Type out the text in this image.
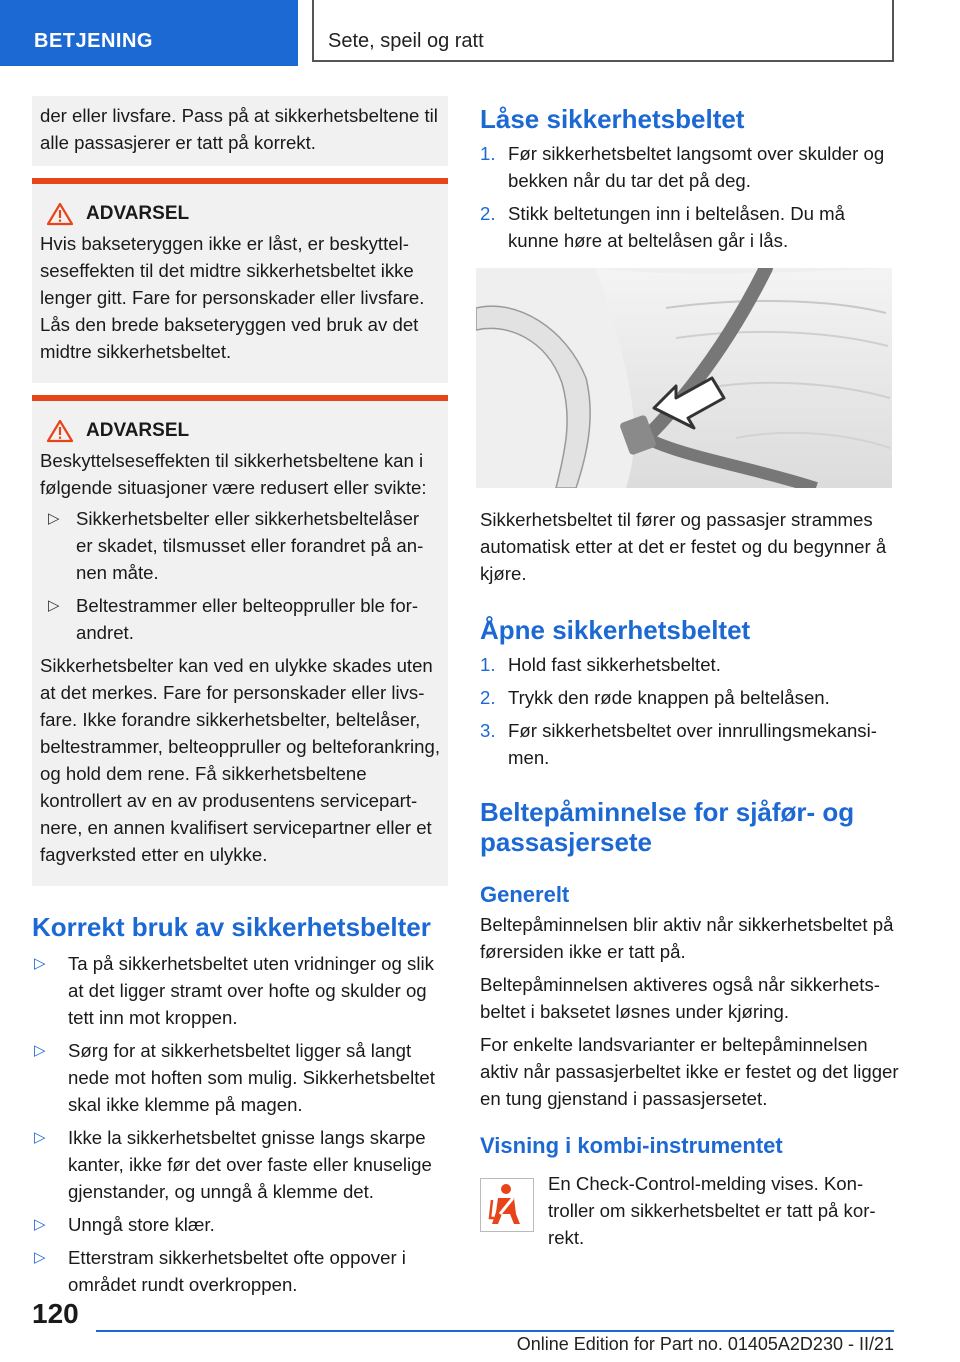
BETJENING	Sete, speil og ratt

der eller livsfare. Pass på at sikkerhetsbeltene til alle passasjerer er tatt på korrekt.

ADVARSEL

Hvis bakseteryggen ikke er låst, er beskyttelseseffekten til det midtre sikkerhetsbeltet ikke lenger gitt. Fare for personskader eller livsfare. Lås den brede bakseteryggen ved bruk av det midtre sikkerhetsbeltet.

ADVARSEL

Beskyttelseseffekten til sikkerhetsbeltene kan i følgende situasjoner være redusert eller svikte:

▷ Sikkerhetsbelter eller sikkerhetsbeltelåser er skadet, tilsmusset eller forandret på annen måte.
▷ Beltestrammer eller belteoppruller ble forandret.

Sikkerhetsbelter kan ved en ulykke skades uten at det merkes. Fare for personskader eller livsfare. Ikke forandre sikkerhetsbelter, beltelåser, beltestrammer, belteoppruller og belteforankring, og hold dem rene. Få sikkerhetsbeltene kontrollert av en av produsentens servicepartnere, en annen kvalifisert servicepartner eller et fagverksted etter en ulykke.

Korrekt bruk av sikkerhetsbelter
▷	Ta på sikkerhetsbeltet uten vridninger og slik at det ligger stramt over hofte og skulder og tett inn mot kroppen.
▷	Sørg for at sikkerhetsbeltet ligger så langt nede mot hoften som mulig. Sikkerhetsbeltet skal ikke klemme på magen.
▷	Ikke la sikkerhetsbeltet gnisse langs skarpe kanter, ikke før det over faste eller knuselige gjenstander, og unngå å klemme det.
▷	Unngå store klær.
▷	Etterstram sikkerhetsbeltet ofte oppover i området rundt overkroppen.
Låse sikkerhetsbeltet
1. Før sikkerhetsbeltet langsomt over skulder og bekken når du tar det på deg.
2. Stikk beltetungen inn i beltelåsen. Du må kunne høre at beltelåsen går i lås.

Sikkerhetsbeltet til fører og passasjer strammes automatisk etter at det er festet og du begynner å kjøre.

Åpne sikkerhetsbeltet
1. Hold fast sikkerhetsbeltet.
2. Trykk den røde knappen på beltelåsen.
3. Før sikkerhetsbeltet over innrullingsmekansimen.
Beltepåminnelse for sjåfør- og passasjersete
Generelt

Beltepåminnelsen blir aktiv når sikkerhetsbeltet på førersiden ikke er tatt på.

Beltepåminnelsen aktiveres også når sikkerhetsbeltet i baksetet løsnes under kjøring.

For enkelte landsvarianter er beltepåminnelsen aktiv når passasjerbeltet ikke er festet og det ligger en tung gjenstand i passasjersetet.

Visning i kombi-instrumentet

En Check-Control-melding vises. Kontroller om sikkerhetsbeltet er tatt på korrekt.

120
Online Edition for Part no. 01405A2D230 - II/21
